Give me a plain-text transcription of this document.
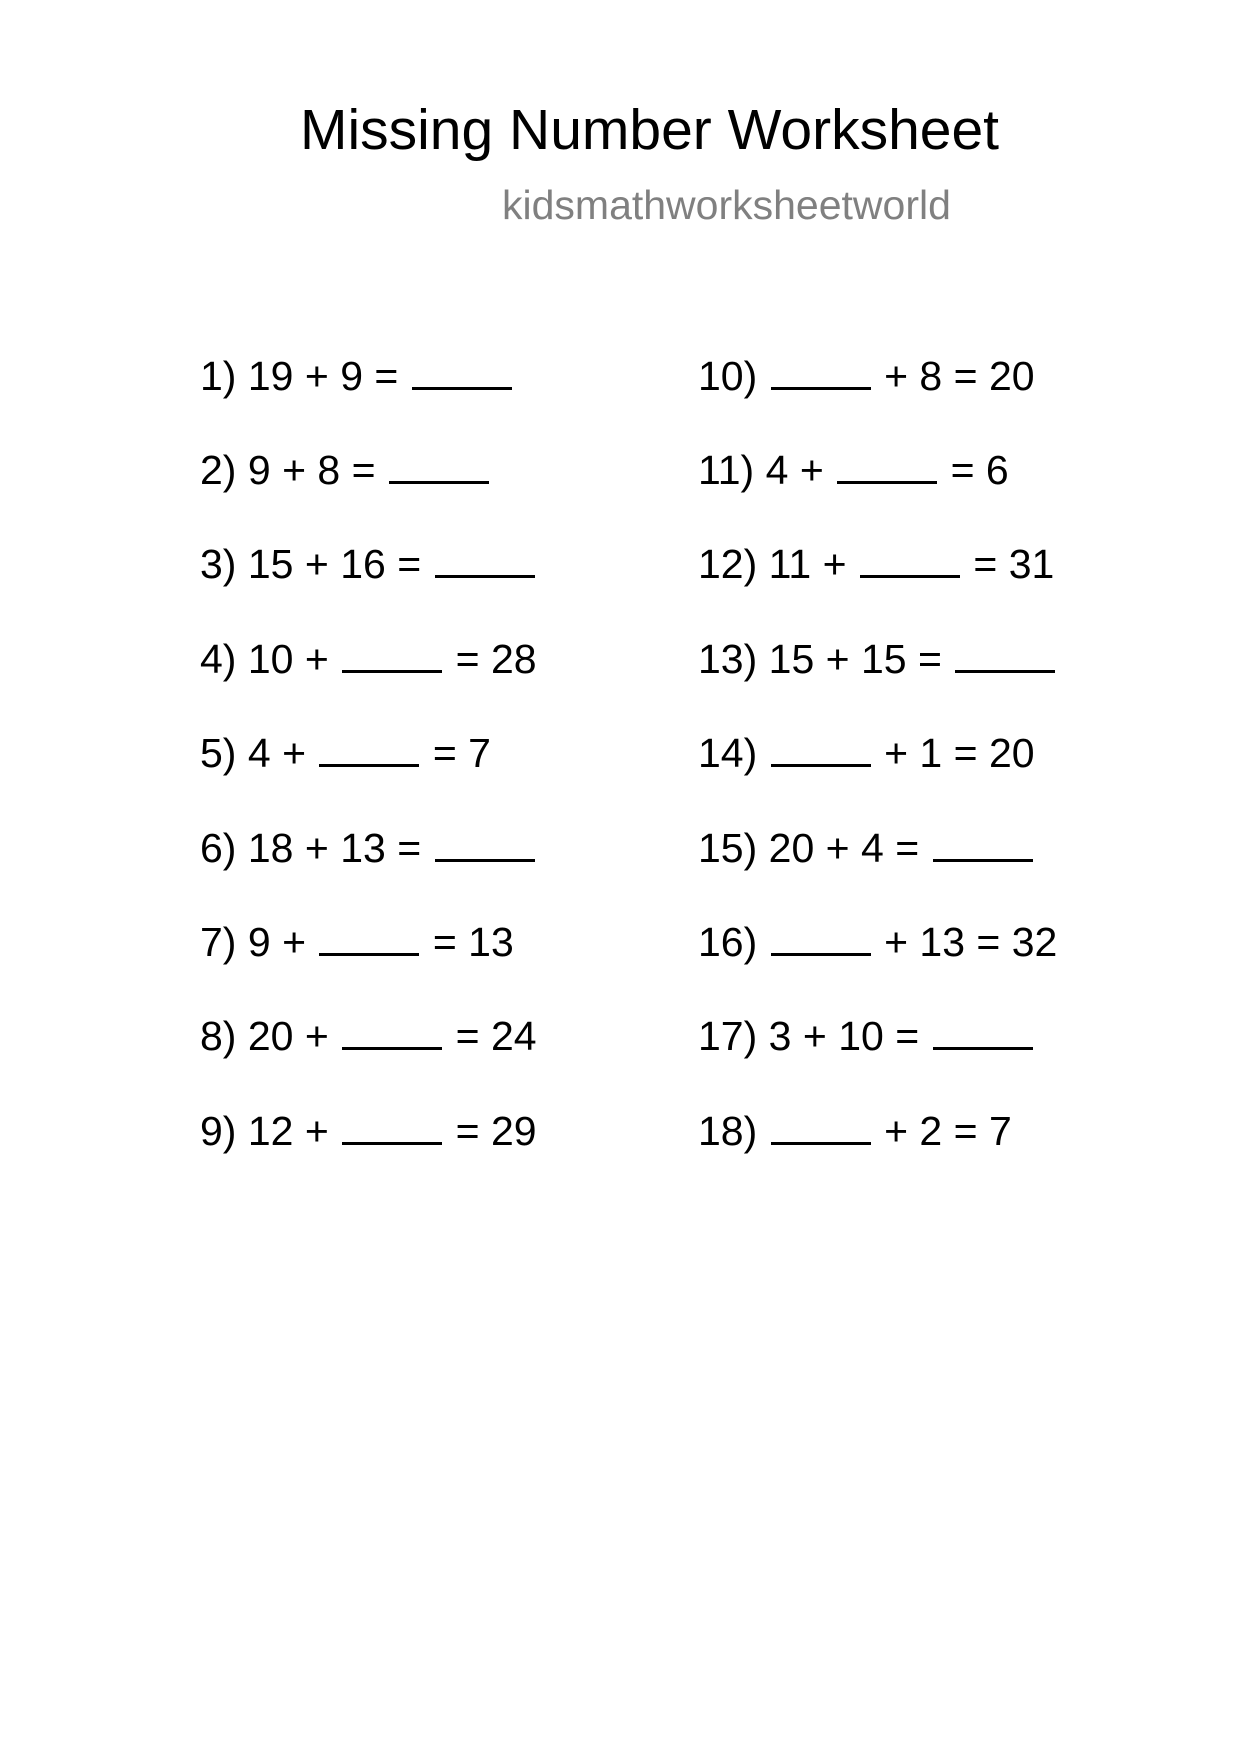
Missing Number Worksheet
kidsmathworksheetworld
1) 19 + 9 =
2) 9 + 8 =
3) 15 + 16 =
4) 10 +	= 28
5) 4 +	= 7
6) 18 + 13 =
7) 9 +	= 13
8) 20 +	= 24
9) 12 +	= 29
10)	+ 8 = 20
11) 4 +	= 6
12) 11 +	= 31
13) 15 + 15 =
14)	+ 1 = 20
15) 20 + 4 =
16)	+ 13 = 32
17) 3 + 10 =
18)	+ 2 = 7
